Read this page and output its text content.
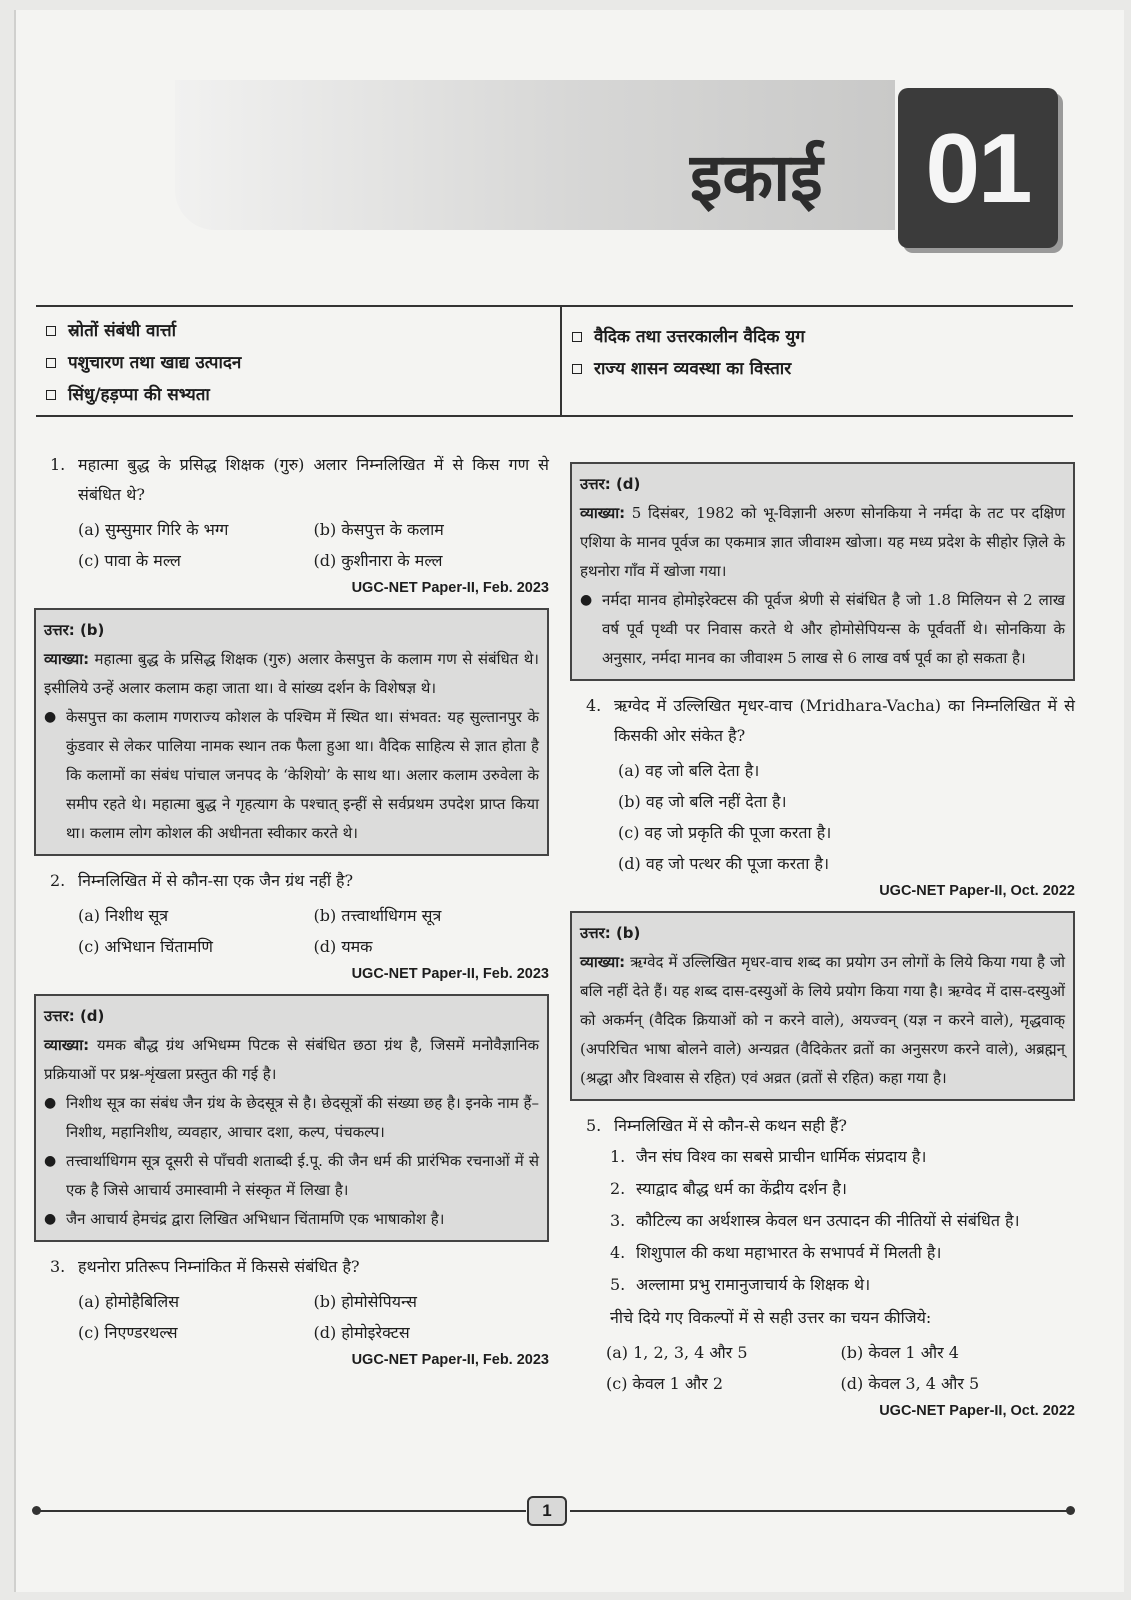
इकाई	01
स्रोतों संबंधी वार्त्ता
पशुचारण तथा खाद्य उत्पादन
सिंधु/हड़प्पा की सभ्यता
वैदिक तथा उत्तरकालीन वैदिक युग
राज्य शासन व्यवस्था का विस्तार
1. महात्मा बुद्ध के प्रसिद्ध शिक्षक (गुरु) अलार निम्नलिखित में से किस गण से संबंधित थे?
(a) सुम्सुमार गिरि के भग्ग	(b) केसपुत्त के कलाम
(c) पावा के मल्ल	(d) कुशीनारा के मल्ल
UGC-NET Paper-II, Feb. 2023
उत्तर: (b)

व्याख्या: महात्मा बुद्ध के प्रसिद्ध शिक्षक (गुरु) अलार केसपुत्त के कलाम गण से संबंधित थे। इसीलिये उन्हें अलार कलाम कहा जाता था। वे सांख्य दर्शन के विशेषज्ञ थे।

● केसपुत्त का कलाम गणराज्य कोशल के पश्चिम में स्थित था। संभवत: यह सुल्तानपुर के कुंडवार से लेकर पालिया नामक स्थान तक फैला हुआ था। वैदिक साहित्य से ज्ञात होता है कि कलामों का संबंध पांचाल जनपद के ‘केशियो’ के साथ था। अलार कलाम उरुवेला के समीप रहते थे। महात्मा बुद्ध ने गृहत्याग के पश्चात् इन्हीं से सर्वप्रथम उपदेश प्राप्त किया था। कलाम लोग कोशल की अधीनता स्वीकार करते थे।
2. निम्नलिखित में से कौन-सा एक जैन ग्रंथ नहीं है?
(a) निशीथ सूत्र	(b) तत्त्वार्थाधिगम सूत्र
(c) अभिधान चिंतामणि	(d) यमक
UGC-NET Paper-II, Feb. 2023
उत्तर: (d)

व्याख्या: यमक बौद्ध ग्रंथ अभिधम्म पिटक से संबंधित छठा ग्रंथ है, जिसमें मनोवैज्ञानिक प्रक्रियाओं पर प्रश्न-शृंखला प्रस्तुत की गई है।

● निशीथ सूत्र का संबंध जैन ग्रंथ के छेदसूत्र से है। छेदसूत्रों की संख्या छह है। इनके नाम हैं– निशीथ, महानिशीथ, व्यवहार, आचार दशा, कल्प, पंचकल्प।
● तत्त्वार्थाधिगम सूत्र दूसरी से पाँचवी शताब्दी ई.पू. की जैन धर्म की प्रारंभिक रचनाओं में से एक है जिसे आचार्य उमास्वामी ने संस्कृत में लिखा है।
● जैन आचार्य हेमचंद्र द्वारा लिखित अभिधान चिंतामणि एक भाषाकोश है।
3. हथनोरा प्रतिरूप निम्नांकित में किससे संबंधित है?
(a) होमोहैबिलिस	(b) होमोसेपियन्स
(c) निएण्डरथल्स	(d) होमोइरेक्टस
UGC-NET Paper-II, Feb. 2023
उत्तर: (d)

व्याख्या: 5 दिसंबर, 1982 को भू-विज्ञानी अरुण सोनकिया ने नर्मदा के तट पर दक्षिण एशिया के मानव पूर्वज का एकमात्र ज्ञात जीवाश्म खोजा। यह मध्य प्रदेश के सीहोर ज़िले के हथनोरा गाँव में खोजा गया।

● नर्मदा मानव होमोइरेक्टस की पूर्वज श्रेणी से संबंधित है जो 1.8 मिलियन से 2 लाख वर्ष पूर्व पृथ्वी पर निवास करते थे और होमोसेपियन्स के पूर्ववर्ती थे। सोनकिया के अनुसार, नर्मदा मानव का जीवाश्म 5 लाख से 6 लाख वर्ष पूर्व का हो सकता है।
4. ऋग्वेद में उल्लिखित मृधर-वाच (Mridhara-Vacha) का निम्नलिखित में से किसकी ओर संकेत है?
(a) वह जो बलि देता है।
(b) वह जो बलि नहीं देता है।
(c) वह जो प्रकृति की पूजा करता है।
(d) वह जो पत्थर की पूजा करता है।
UGC-NET Paper-II, Oct. 2022
उत्तर: (b)

व्याख्या: ऋग्वेद में उल्लिखित मृधर-वाच शब्द का प्रयोग उन लोगों के लिये किया गया है जो बलि नहीं देते हैं। यह शब्द दास-दस्युओं के लिये प्रयोग किया गया है। ऋग्वेद में दास-दस्युओं को अकर्मन् (वैदिक क्रियाओं को न करने वाले), अयज्वन् (यज्ञ न करने वाले), मृद्धवाक् (अपरिचित भाषा बोलने वाले) अन्यव्रत (वैदिकेतर व्रतों का अनुसरण करने वाले), अब्रह्मन् (श्रद्धा और विश्वास से रहित) एवं अव्रत (व्रतों से रहित) कहा गया है।

5. निम्नलिखित में से कौन-से कथन सही हैं?
1. जैन संघ विश्व का सबसे प्राचीन धार्मिक संप्रदाय है।
2. स्याद्वाद बौद्ध धर्म का केंद्रीय दर्शन है।
3. कौटिल्य का अर्थशास्त्र केवल धन उत्पादन की नीतियों से संबंधित है।
4. शिशुपाल की कथा महाभारत के सभापर्व में मिलती है।
5. अल्लामा प्रभु रामानुजाचार्य के शिक्षक थे।
नीचे दिये गए विकल्पों में से सही उत्तर का चयन कीजिये:
(a) 1, 2, 3, 4 और 5	(b) केवल 1 और 4
(c) केवल 1 और 2	(d) केवल 3, 4 और 5
UGC-NET Paper-II, Oct. 2022
1
